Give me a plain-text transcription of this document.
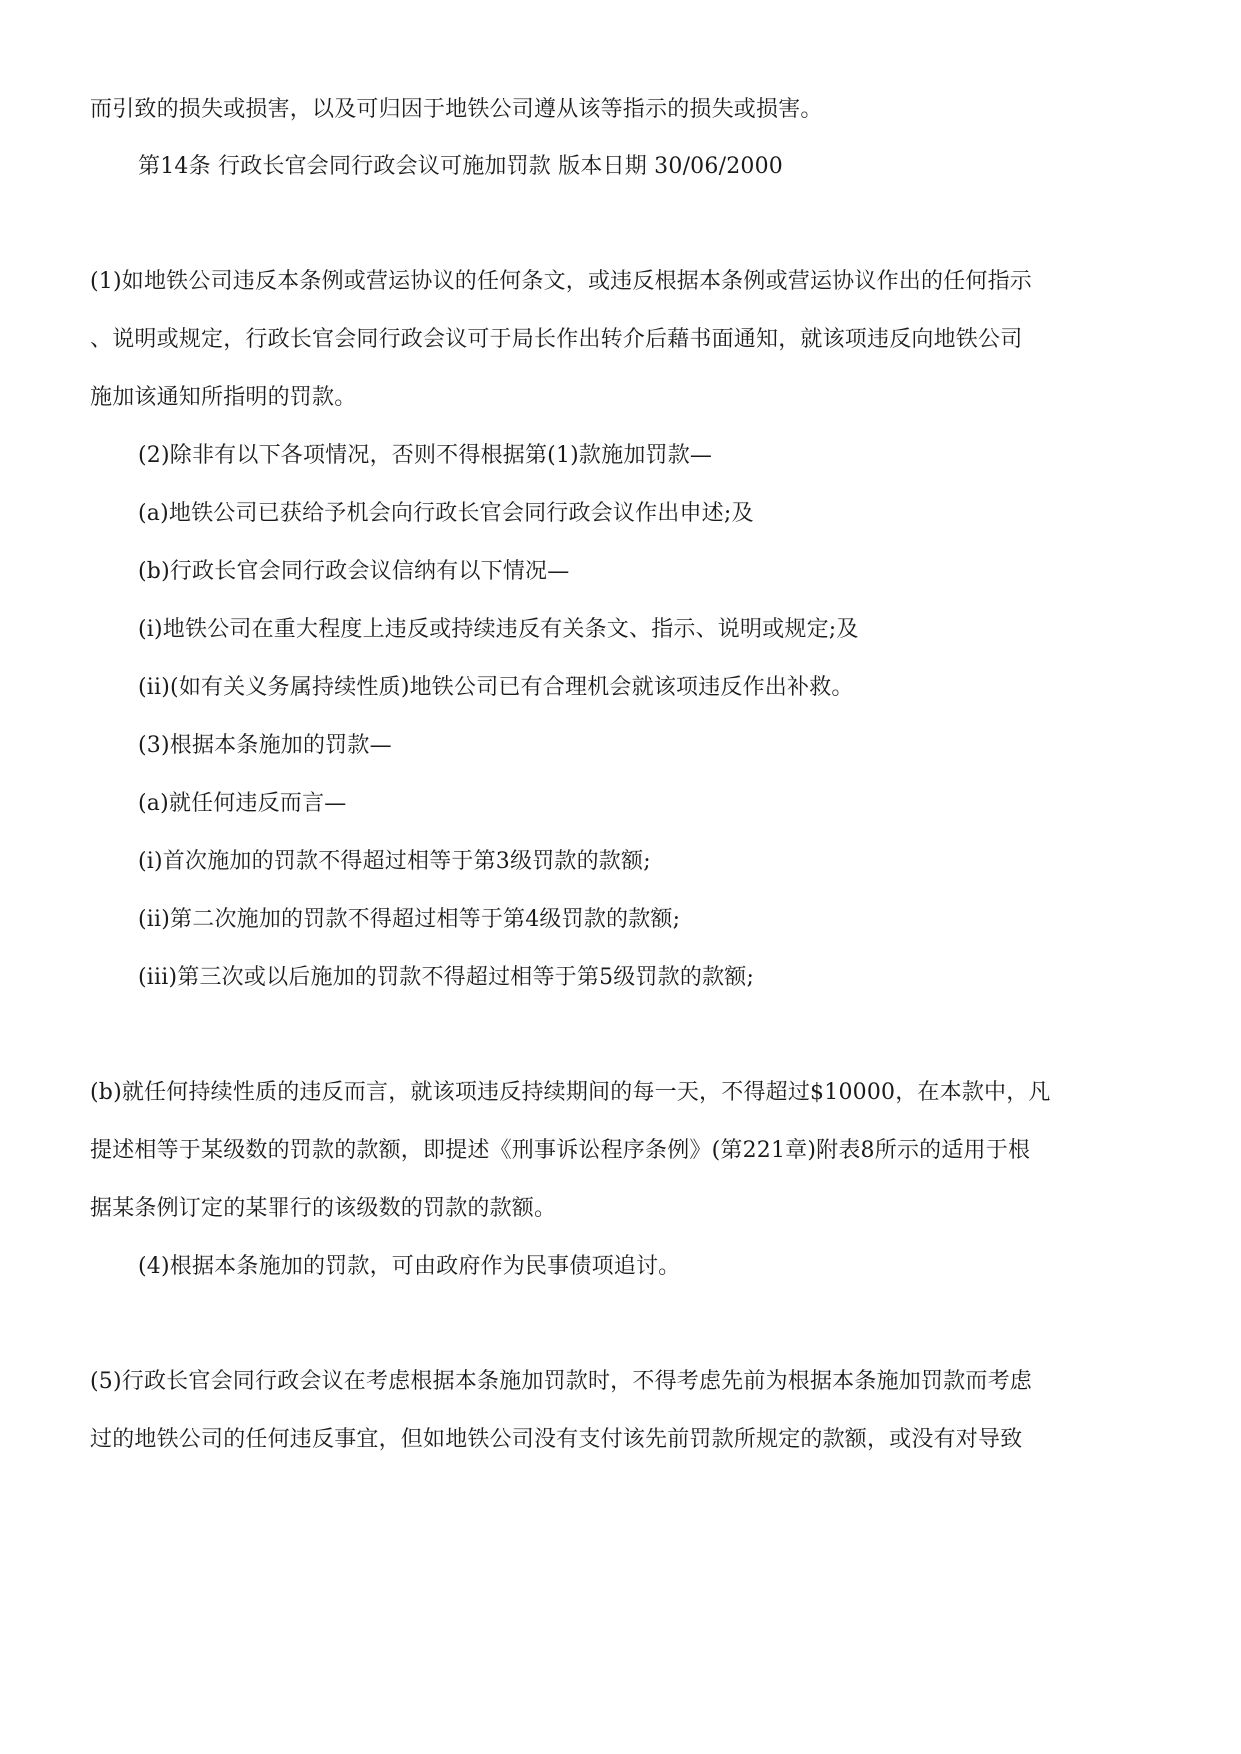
而引致的损失或损害，以及可归因于地铁公司遵从该等指示的损失或损害。

第14条 行政长官会同行政会议可施加罚款 版本日期 30/06/2000

(1)如地铁公司违反本条例或营运协议的任何条文，或违反根据本条例或营运协议作出的任何指示

、说明或规定，行政长官会同行政会议可于局长作出转介后藉书面通知，就该项违反向地铁公司

施加该通知所指明的罚款。

(2)除非有以下各项情况，否则不得根据第(1)款施加罚款—

(a)地铁公司已获给予机会向行政长官会同行政会议作出申述;及

(b)行政长官会同行政会议信纳有以下情况—

(i)地铁公司在重大程度上违反或持续违反有关条文、指示、说明或规定;及

(ii)(如有关义务属持续性质)地铁公司已有合理机会就该项违反作出补救。

(3)根据本条施加的罚款—

(a)就任何违反而言—

(i)首次施加的罚款不得超过相等于第3级罚款的款额;

(ii)第二次施加的罚款不得超过相等于第4级罚款的款额;

(iii)第三次或以后施加的罚款不得超过相等于第5级罚款的款额;

(b)就任何持续性质的违反而言，就该项违反持续期间的每一天，不得超过$10000，在本款中，凡

提述相等于某级数的罚款的款额，即提述《刑事诉讼程序条例》(第221章)附表8所示的适用于根

据某条例订定的某罪行的该级数的罚款的款额。

(4)根据本条施加的罚款，可由政府作为民事债项追讨。

(5)行政长官会同行政会议在考虑根据本条施加罚款时，不得考虑先前为根据本条施加罚款而考虑

过的地铁公司的任何违反事宜，但如地铁公司没有支付该先前罚款所规定的款额，或没有对导致
